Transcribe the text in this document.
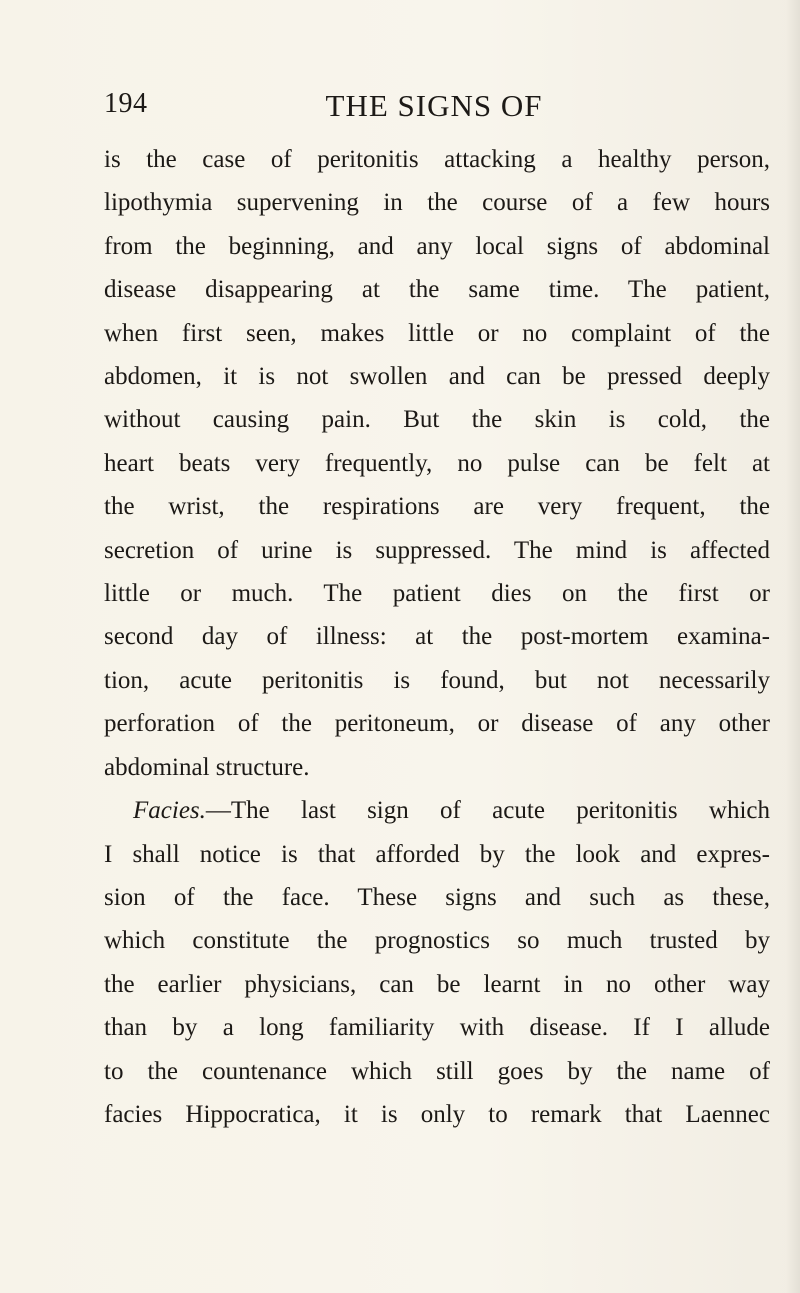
194	THE SIGNS OF
is the case of peritonitis attacking a healthy person,
lipothymia supervening in the course of a few hours
from the beginning, and any local signs of abdominal
disease disappearing at the same time. The patient,
when first seen, makes little or no complaint of the
abdomen, it is not swollen and can be pressed deeply
without causing pain. But the skin is cold, the
heart beats very frequently, no pulse can be felt at
the wrist, the respirations are very frequent, the
secretion of urine is suppressed. The mind is affected
little or much. The patient dies on the first or
second day of illness: at the post-mortem examina-
tion, acute peritonitis is found, but not necessarily
perforation of the peritoneum, or disease of any other
abdominal structure.
Facies.—The last sign of acute peritonitis which
I shall notice is that afforded by the look and expres-
sion of the face. These signs and such as these,
which constitute the prognostics so much trusted by
the earlier physicians, can be learnt in no other way
than by a long familiarity with disease. If I allude
to the countenance which still goes by the name of
facies Hippocratica, it is only to remark that Laennec
